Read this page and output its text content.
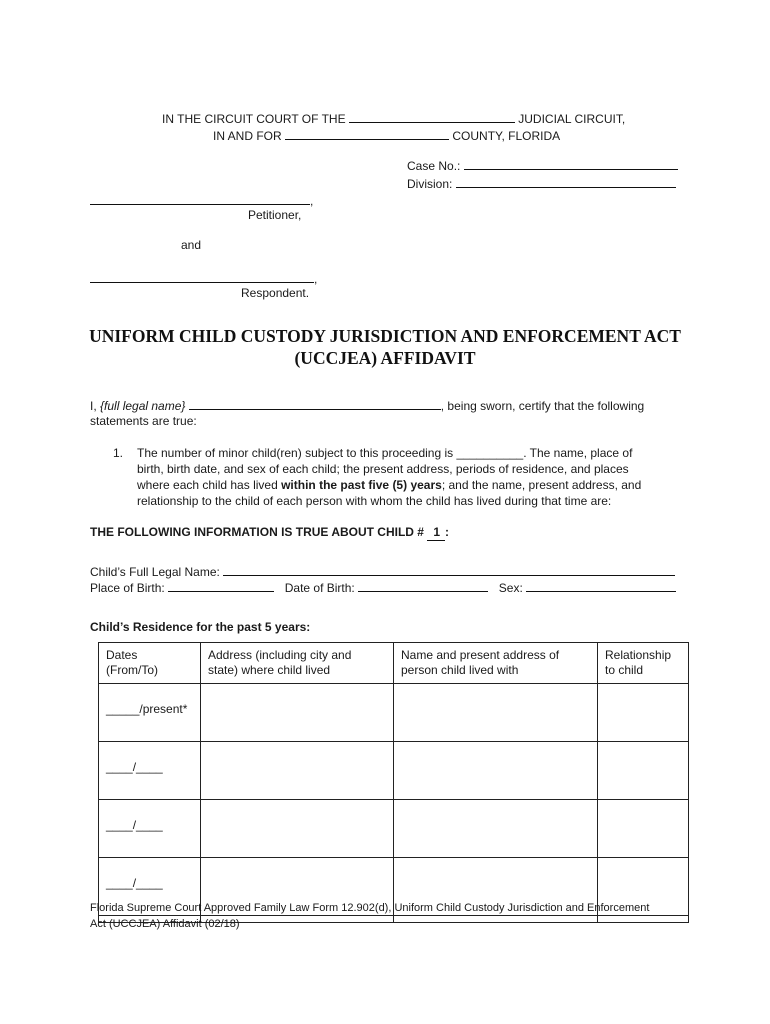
IN THE CIRCUIT COURT OF THE	JUDICIAL CIRCUIT,
IN AND FOR	COUNTY, FLORIDA
Case No.:
Division:
,
Petitioner,
and
,
Respondent.
UNIFORM CHILD CUSTODY JURISDICTION AND ENFORCEMENT ACT
(UCCJEA) AFFIDAVIT
I, {full legal name}	, being sworn, certify that the following
statements are true:
1. The number of minor child(ren) subject to this proceeding is __________. The name, place of
birth, birth date, and sex of each child; the present address, periods of residence, and places
where each child has lived within the past five (5) years; and the name, present address, and
relationship to the child of each person with whom the child has lived during that time are:
THE FOLLOWING INFORMATION IS TRUE ABOUT CHILD # 1 :
Child’s Full Legal Name:
Place of Birth:	Date of Birth:	Sex:
Child’s Residence for the past 5 years:
Dates
(From/To)	Address (including city and
state) where child lived	Name and present address of
person child lived with	Relationship
to child
_____/present*			
____/____			
____/____			
____/____			

Florida Supreme Court Approved Family Law Form 12.902(d), Uniform Child Custody Jurisdiction and Enforcement
Act (UCCJEA) Affidavit (02/18)
